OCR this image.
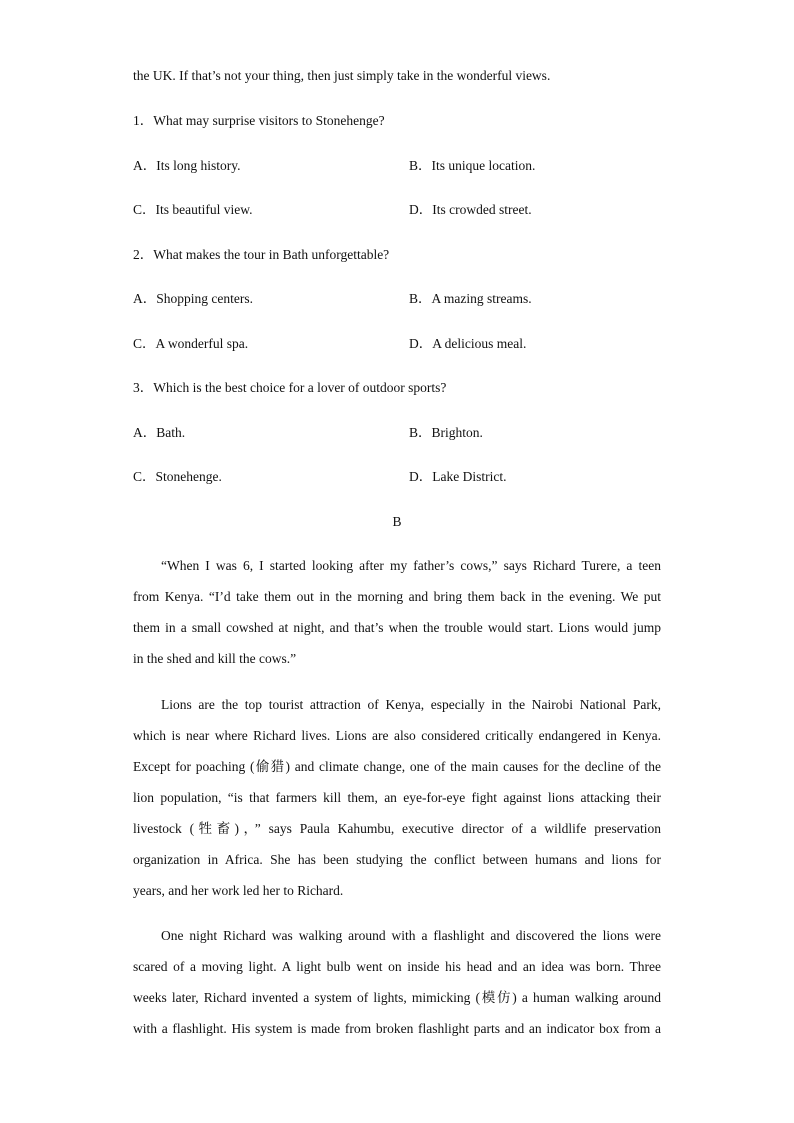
the UK. If that’s not your thing, then just simply take in the wonderful views.
1．What may surprise visitors to Stonehenge?
A．Its long history.	B．Its unique location.
C．Its beautiful view.	D．Its crowded street.
2．What makes the tour in Bath unforgettable?
A．Shopping centers.	B．A mazing streams.
C．A wonderful spa.	D．A delicious meal.
3．Which is the best choice for a lover of outdoor sports?
A．Bath.	B．Brighton.
C．Stonehenge.	D．Lake District.
B
“When I was 6, I started looking after my father’s cows,” says Richard Turere, a teen
from Kenya. “I’d take them out in the morning and bring them back in the evening. We put
them in a small cowshed at night, and that’s when the trouble would start. Lions would jump
in the shed and kill the cows.”
Lions are the top tourist attraction of Kenya, especially in the Nairobi National Park,
which is near where Richard lives. Lions are also considered critically endangered in Kenya.
Except for poaching (偷猎) and climate change, one of the main causes for the decline of the
lion population, “is that farmers kill them, an eye-for-eye fight against lions attacking their
livestock (牲畜)，” says Paula Kahumbu, executive director of a wildlife preservation
organization in Africa. She has been studying the conflict between humans and lions for
years, and her work led her to Richard.
One night Richard was walking around with a flashlight and discovered the lions were
scared of a moving light. A light bulb went on inside his head and an idea was born. Three
weeks later, Richard invented a system of lights, mimicking (模仿) a human walking around
with a flashlight. His system is made from broken flashlight parts and an indicator box from a
